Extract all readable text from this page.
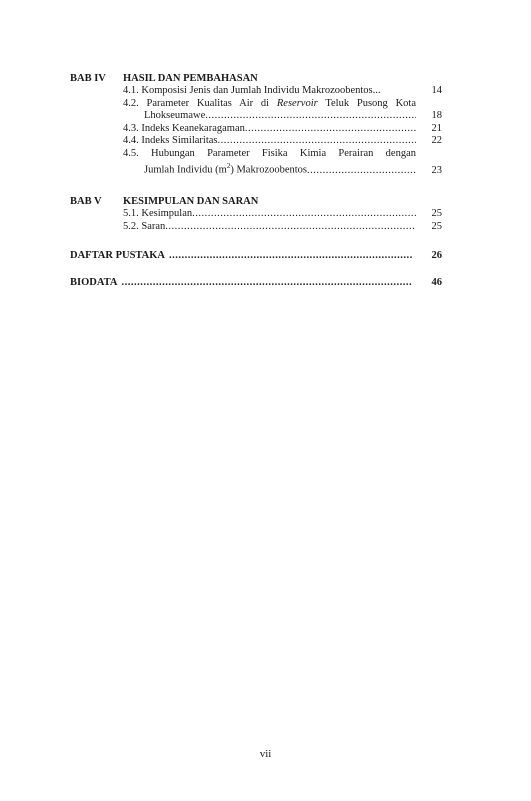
BAB IV	HASIL DAN PEMBAHASAN
4.1. Komposisi Jenis dan Jumlah Individu Makrozoobentos...	14
4.2. Parameter Kualitas Air di Reservoir Teluk Pusong Kota
Lhokseumawe .....	18
4.3. Indeks Keanekaragaman .....	21
4.4. Indeks Similaritas .....	22
4.5. Hubungan Parameter Fisika Kimia Perairan dengan
Jumlah Individu $(m^2)$ Makrozoobentos .....	23
BAB V	KESIMPULAN DAN SARAN
5.1. Kesimpulan .....	25
5.2. Saran .....	25
DAFTAR PUSTAKA .....	26
BIODATA .....	46
vii
